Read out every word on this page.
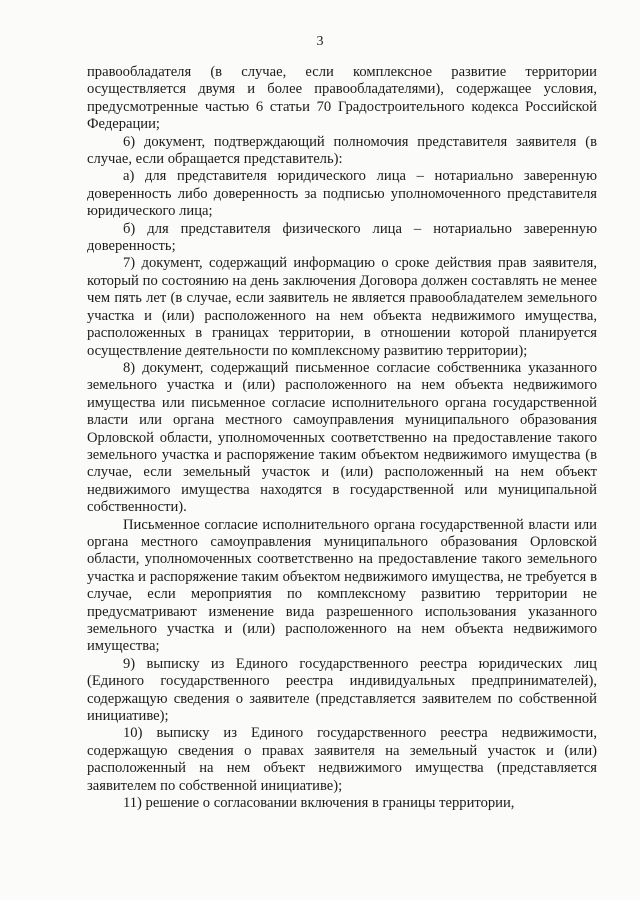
3

правообладателя (в случае, если комплексное развитие территории осуществляется двумя и более правообладателями), содержащее условия, предусмотренные частью 6 статьи 70 Градостроительного кодекса Российской Федерации;

6) документ, подтверждающий полномочия представителя заявителя (в случае, если обращается представитель):

а) для представителя юридического лица – нотариально заверенную доверенность либо доверенность за подписью уполномоченного представителя юридического лица;

б) для представителя физического лица – нотариально заверенную доверенность;

7) документ, содержащий информацию о сроке действия прав заявителя, который по состоянию на день заключения Договора должен составлять не менее чем пять лет (в случае, если заявитель не является правообладателем земельного участка и (или) расположенного на нем объекта недвижимого имущества, расположенных в границах территории, в отношении которой планируется осуществление деятельности по комплексному развитию территории);

8) документ, содержащий письменное согласие собственника указанного земельного участка и (или) расположенного на нем объекта недвижимого имущества или письменное согласие исполнительного органа государственной власти или органа местного самоуправления муниципального образования Орловской области, уполномоченных соответственно на предоставление такого земельного участка и распоряжение таким объектом недвижимого имущества (в случае, если земельный участок и (или) расположенный на нем объект недвижимого имущества находятся в государственной или муниципальной собственности).

Письменное согласие исполнительного органа государственной власти или органа местного самоуправления муниципального образования Орловской области, уполномоченных соответственно на предоставление такого земельного участка и распоряжение таким объектом недвижимого имущества, не требуется в случае, если мероприятия по комплексному развитию территории не предусматривают изменение вида разрешенного использования указанного земельного участка и (или) расположенного на нем объекта недвижимого имущества;

9) выписку из Единого государственного реестра юридических лиц (Единого государственного реестра индивидуальных предпринимателей), содержащую сведения о заявителе (представляется заявителем по собственной инициативе);

10) выписку из Единого государственного реестра недвижимости, содержащую сведения о правах заявителя на земельный участок и (или) расположенный на нем объект недвижимого имущества (представляется заявителем по собственной инициативе);

11) решение о согласовании включения в границы территории,
